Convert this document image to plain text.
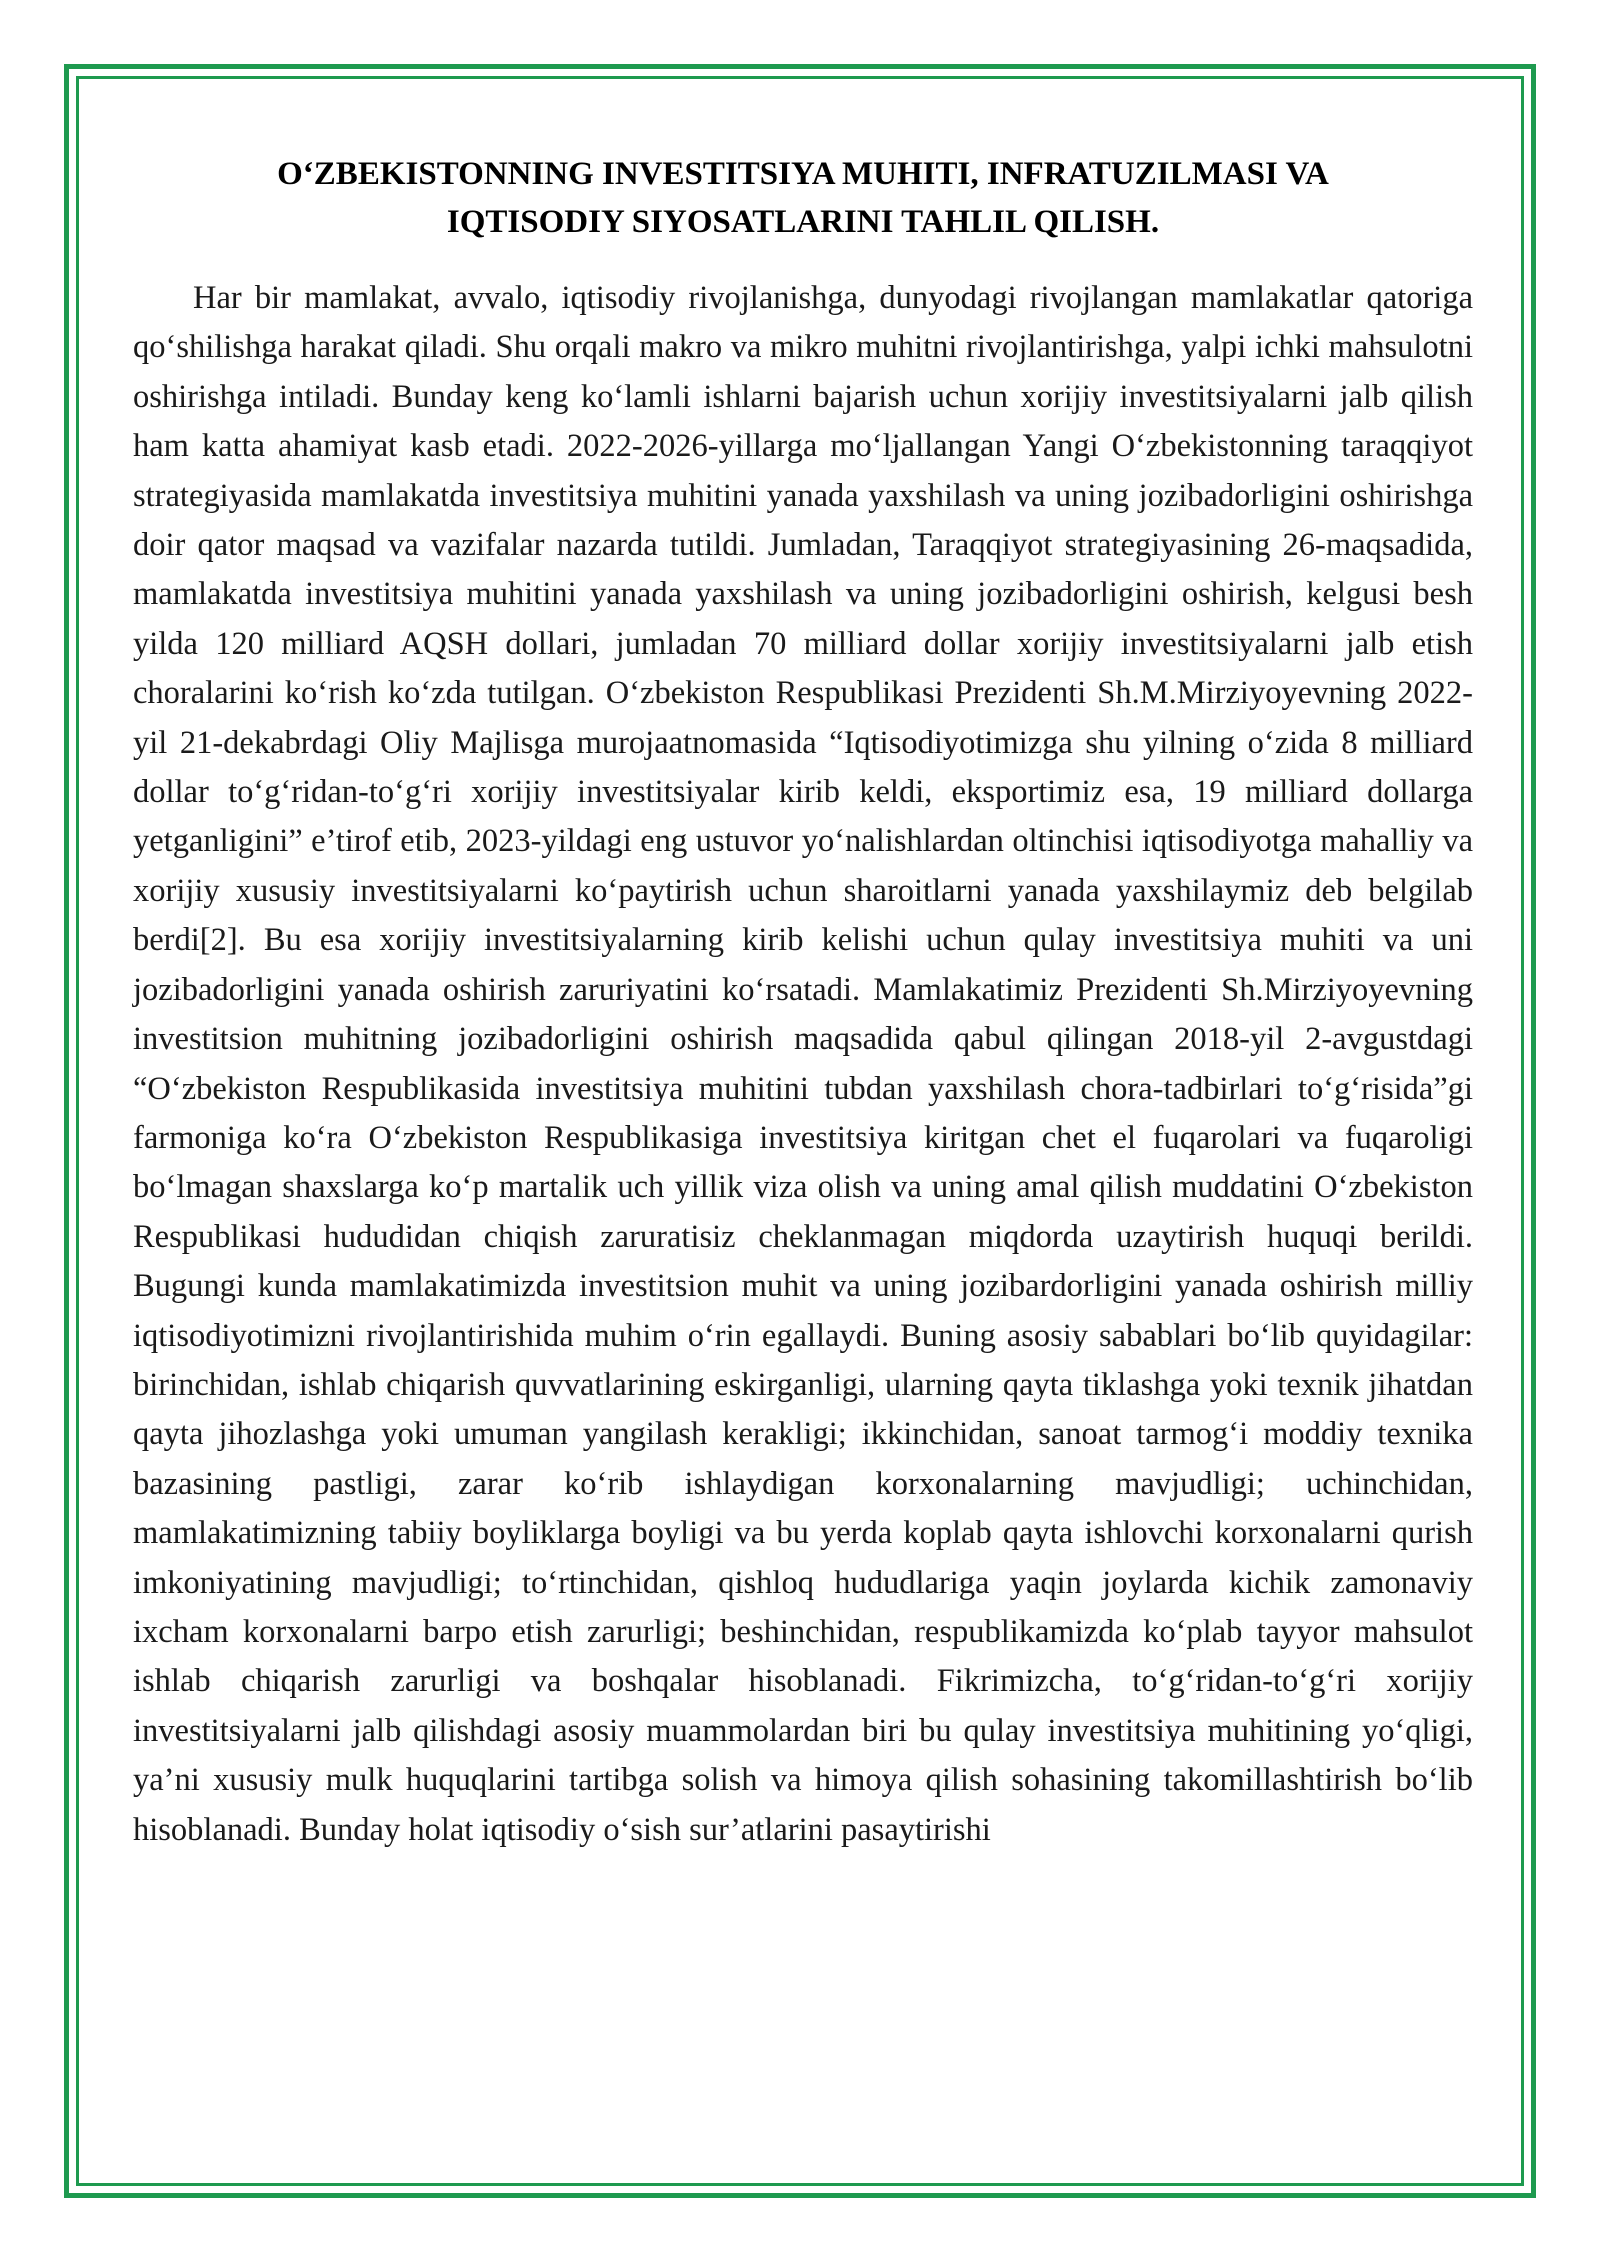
O‘ZBEKISTONNING INVESTITSIYA MUHITI, INFRATUZILMASI VA
IQTISODIY SIYOSATLARINI TAHLIL QILISH.

Har bir mamlakat, avvalo, iqtisodiy rivojlanishga, dunyodagi rivojlangan mamlakatlar qatoriga qo‘shilishga harakat qiladi. Shu orqali makro va mikro muhitni rivojlantirishga, yalpi ichki mahsulotni oshirishga intiladi. Bunday keng ko‘lamli ishlarni bajarish uchun xorijiy investitsiyalarni jalb qilish ham katta ahamiyat kasb etadi. 2022-2026-yillarga mo‘ljallangan Yangi O‘zbekistonning taraqqiyot strategiyasida mamlakatda investitsiya muhitini yanada yaxshilash va uning jozibadorligini oshirishga doir qator maqsad va vazifalar nazarda tutildi. Jumladan, Taraqqiyot strategiyasining 26-maqsadida, mamlakatda investitsiya muhitini yanada yaxshilash va uning jozibadorligini oshirish, kelgusi besh yilda 120 milliard AQSH dollari, jumladan 70 milliard dollar xorijiy investitsiyalarni jalb etish choralarini ko‘rish ko‘zda tutilgan. O‘zbekiston Respublikasi Prezidenti Sh.M.Mirziyoyevning 2022-yil 21-dekabrdagi Oliy Majlisga murojaatnomasida “Iqtisodiyotimizga shu yilning o‘zida 8 milliard dollar to‘g‘ridan-to‘g‘ri xorijiy investitsiyalar kirib keldi, eksportimiz esa, 19 milliard dollarga yetganligini” e’tirof etib, 2023-yildagi eng ustuvor yo‘nalishlardan oltinchisi iqtisodiyotga mahalliy va xorijiy xususiy investitsiyalarni ko‘paytirish uchun sharoitlarni yanada yaxshilaymiz deb belgilab berdi[2]. Bu esa xorijiy investitsiyalarning kirib kelishi uchun qulay investitsiya muhiti va uni jozibadorligini yanada oshirish zaruriyatini ko‘rsatadi. Mamlakatimiz Prezidenti Sh.Mirziyoyevning investitsion muhitning jozibadorligini oshirish maqsadida qabul qilingan 2018-yil 2-avgustdagi “O‘zbekiston Respublikasida investitsiya muhitini tubdan yaxshilash chora-tadbirlari to‘g‘risida”gi farmoniga ko‘ra O‘zbekiston Respublikasiga investitsiya kiritgan chet el fuqarolari va fuqaroligi bo‘lmagan shaxslarga ko‘p martalik uch yillik viza olish va uning amal qilish muddatini O‘zbekiston Respublikasi hududidan chiqish zaruratisiz cheklanmagan miqdorda uzaytirish huquqi berildi. Bugungi kunda mamlakatimizda investitsion muhit va uning jozibardorligini yanada oshirish milliy iqtisodiyotimizni rivojlantirishida muhim o‘rin egallaydi. Buning asosiy sabablari bo‘lib quyidagilar: birinchidan, ishlab chiqarish quvvatlarining eskirganligi, ularning qayta tiklashga yoki texnik jihatdan qayta jihozlashga yoki umuman yangilash kerakligi; ikkinchidan, sanoat tarmog‘i moddiy texnika bazasining pastligi, zarar ko‘rib ishlaydigan korxonalarning mavjudligi; uchinchidan, mamlakatimizning tabiiy boyliklarga boyligi va bu yerda koplab qayta ishlovchi korxonalarni qurish imkoniyatining mavjudligi; to‘rtinchidan, qishloq hududlariga yaqin joylarda kichik zamonaviy ixcham korxonalarni barpo etish zarurligi; beshinchidan, respublikamizda ko‘plab tayyor mahsulot ishlab chiqarish zarurligi va boshqalar hisoblanadi. Fikrimizcha, to‘g‘ridan-to‘g‘ri xorijiy investitsiyalarni jalb qilishdagi asosiy muammolardan biri bu qulay investitsiya muhitining yo‘qligi, ya’ni xususiy mulk huquqlarini tartibga solish va himoya qilish sohasining takomillashtirish bo‘lib hisoblanadi. Bunday holat iqtisodiy o‘sish sur’atlarini pasaytirishi
